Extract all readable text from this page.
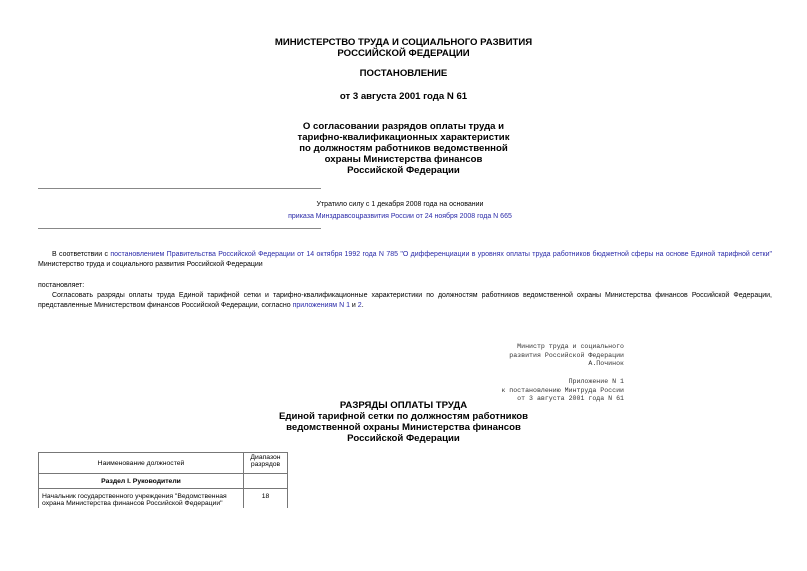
МИНИСТЕРСТВО ТРУДА И СОЦИАЛЬНОГО РАЗВИТИЯ
РОССИЙСКОЙ ФЕДЕРАЦИИ
ПОСТАНОВЛЕНИЕ
от 3 августа 2001 года N 61
О согласовании разрядов оплаты труда и
тарифно-квалификационных характеристик
по должностям работников ведомственной
охраны Министерства финансов
Российской Федерации
Утратило силу с 1 декабря 2008 года на основании
приказа Минздравсоцразвития России от 24 ноября 2008 года N 665
В соответствии с постановлением Правительства Российской Федерации от 14 октября 1992 года N 785 "О дифференциации в уровнях оплаты труда работников бюджетной сферы на основе Единой тарифной сетки" Министерство труда и социального развития Российской Федерации
постановляет:
Согласовать разряды оплаты труда Единой тарифной сетки и тарифно-квалификационные характеристики по должностям работников ведомственной охраны Министерства финансов Российской Федерации, представленные Министерством финансов Российской Федерации, согласно приложениям N 1 и 2.
Министр труда и социального
развития Российской Федерации
А.Починок
Приложение N 1
к постановлению Минтруда России
от 3 августа 2001 года N 61
РАЗРЯДЫ ОПЛАТЫ ТРУДА
Единой тарифной сетки по должностям работников
ведомственной охраны Министерства финансов
Российской Федерации
Наименование должностей	Диапазон
разрядов

Раздел I. Руководители	

Начальник государственного учреждения "Ведомственная
охрана Министерства финансов Российской Федерации"	18
